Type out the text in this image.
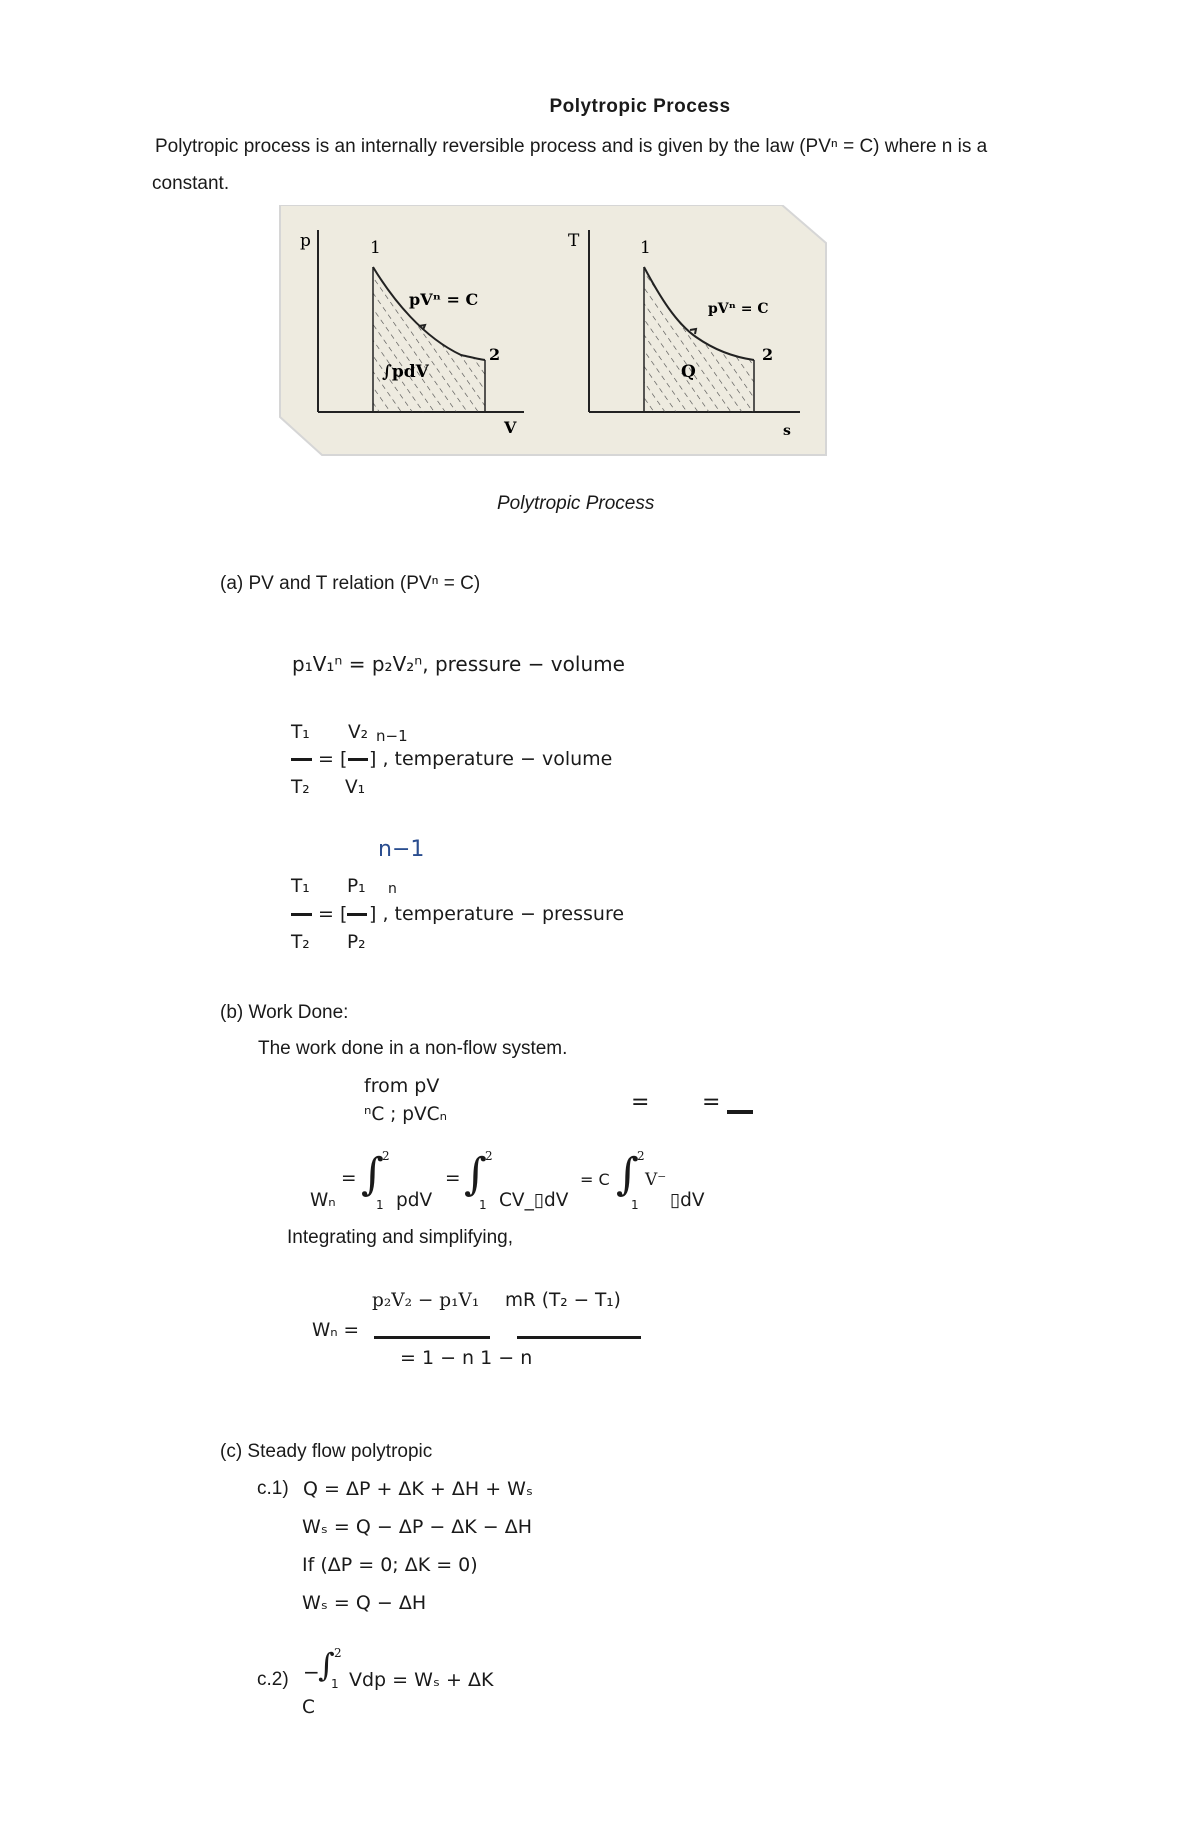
Polytropic Process
Polytropic process is an internally reversible process and is given by the law (PVⁿ = C) where n is a
constant.
p	1
pVⁿ = C
2
∫pdV
V
T	1
pVⁿ = C
2
Q
s
Polytropic Process
(a) PV and T relation (PVⁿ = C)
p₁V₁ⁿ = p₂V₂ⁿ, pressure − volume
T₁ V₂ n−1
= [ ] , temperature − volume
T₂ V₁
n−1
T₁ P₁ n
= [ ] , temperature − pressure
T₂ P₂
(b) Work Done:
The work done in a non-flow system.
from pV
ⁿC ; pVCₙ	= =
Wₙ
= ∫
2
1 pdV
= ∫
2
1 CV_▯dV
= C ∫
2
1
V⁻
▯dV
Integrating and simplifying,
Wₙ =
p₂V₂ − p₁V₁ mR (T₂ − T₁)
= 1 − n 1 − n
(c) Steady flow polytropic
c.1) Q = ΔP + ΔK + ΔH + Wₛ
Wₛ = Q − ΔP − ΔK − ΔH
If (ΔP = 0; ΔK = 0)
Wₛ = Q − ΔH
c.2) −
∫ 2
1 Vdp = Wₛ + ΔK
C
